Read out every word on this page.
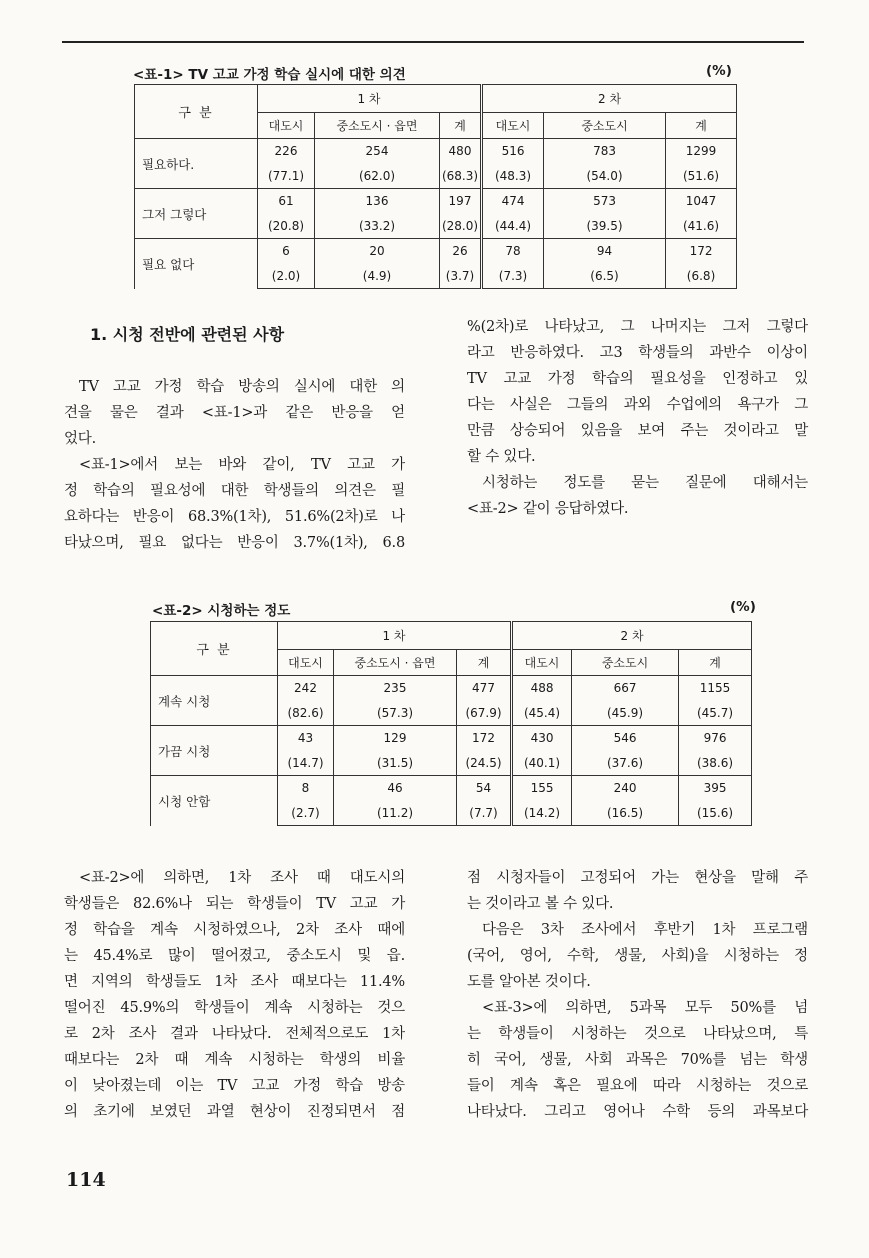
<표-1> TV 고교 가정 학습 실시에 대한 의견	(%)
구 분	1 차			2 차		
	대도시	중소도시 · 읍면	계	대도시	중소도시	계
필요하다.	226	254	480	516	783	1299
	(77.1)	(62.0)	(68.3)	(48.3)	(54.0)	(51.6)
그저 그렇다	61	136	197	474	573	1047
	(20.8)	(33.2)	(28.0)	(44.4)	(39.5)	(41.6)
필요 없다	6	20	26	78	94	172
	(2.0)	(4.9)	(3.7)	(7.3)	(6.5)	(6.8)
<표-2> 시청하는 정도	(%)
구 분	1 차			2 차		
	대도시	중소도시 · 읍면	계	대도시	중소도시	계
계속 시청	242	235	477	488	667	1155
	(82.6)	(57.3)	(67.9)	(45.4)	(45.9)	(45.7)
가끔 시청	43	129	172	430	546	976
	(14.7)	(31.5)	(24.5)	(40.1)	(37.6)	(38.6)
시청 안함	8	46	54	155	240	395
	(2.7)	(11.2)	(7.7)	(14.2)	(16.5)	(15.6)
1. 시청 전반에 관련된 사항

TV 고교 가정 학습 방송의 실시에 대한 의

견을 물은 결과 <표-1>과 같은 반응을 얻

었다.

<표-1>에서 보는 바와 같이, TV 고교 가

정 학습의 필요성에 대한 학생들의 의견은 필

요하다는 반응이 68.3%(1차), 51.6%(2차)로 나

타났으며, 필요 없다는 반응이 3.7%(1차), 6.8

%(2차)로 나타났고, 그 나머지는 그저 그렇다

라고 반응하였다. 고3 학생들의 과반수 이상이

TV 고교 가정 학습의 필요성을 인정하고 있

다는 사실은 그들의 과외 수업에의 욕구가 그

만큼 상승되어 있음을 보여 주는 것이라고 말

할 수 있다.

시청하는 정도를 묻는 질문에 대해서는

<표-2> 같이 응답하였다.

<표-2>에 의하면, 1차 조사 때 대도시의

학생들은 82.6%나 되는 학생들이 TV 고교 가

정 학습을 계속 시청하였으나, 2차 조사 때에

는 45.4%로 많이 떨어졌고, 중소도시 및 읍.

면 지역의 학생들도 1차 조사 때보다는 11.4%

떨어진 45.9%의 학생들이 계속 시청하는 것으

로 2차 조사 결과 나타났다. 전체적으로도 1차

때보다는 2차 때 계속 시청하는 학생의 비율

이 낮아졌는데 이는 TV 고교 가정 학습 방송

의 초기에 보였던 과열 현상이 진정되면서 점

점 시청자들이 고정되어 가는 현상을 말해 주

는 것이라고 볼 수 있다.

다음은 3차 조사에서 후반기 1차 프로그램

(국어, 영어, 수학, 생물, 사회)을 시청하는 정

도를 알아본 것이다.

<표-3>에 의하면, 5과목 모두 50%를 넘

는 학생들이 시청하는 것으로 나타났으며, 특

히 국어, 생물, 사회 과목은 70%를 넘는 학생

들이 계속 혹은 필요에 따라 시청하는 것으로

나타났다. 그리고 영어나 수학 등의 과목보다

114
